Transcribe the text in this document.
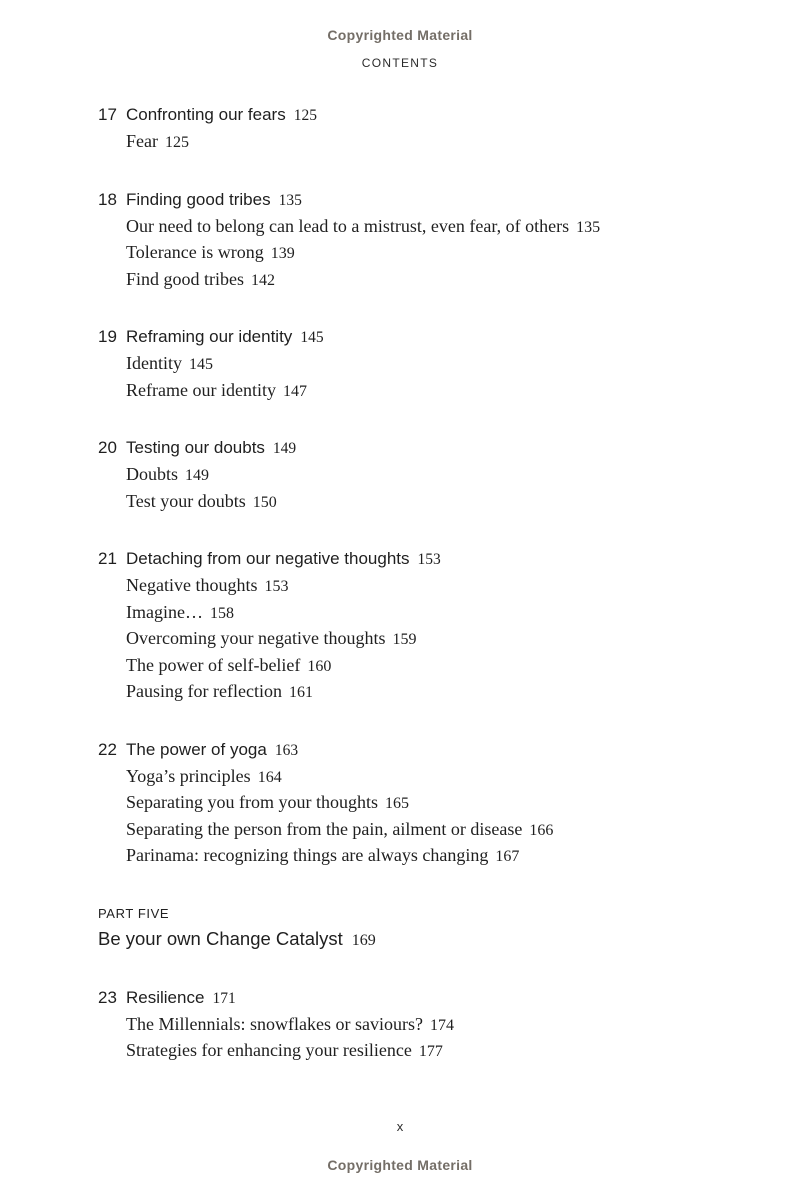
Copyrighted Material
CONTENTS
17 Confronting our fears 125
Fear 125
18 Finding good tribes 135
Our need to belong can lead to a mistrust, even fear, of others 135
Tolerance is wrong 139
Find good tribes 142
19 Reframing our identity 145
Identity 145
Reframe our identity 147
20 Testing our doubts 149
Doubts 149
Test your doubts 150
21 Detaching from our negative thoughts 153
Negative thoughts 153
Imagine… 158
Overcoming your negative thoughts 159
The power of self-belief 160
Pausing for reflection 161
22 The power of yoga 163
Yoga’s principles 164
Separating you from your thoughts 165
Separating the person from the pain, ailment or disease 166
Parinama: recognizing things are always changing 167
PART FIVE
Be your own Change Catalyst 169
23 Resilience 171
The Millennials: snowflakes or saviours? 174
Strategies for enhancing your resilience 177
x
Copyrighted Material
